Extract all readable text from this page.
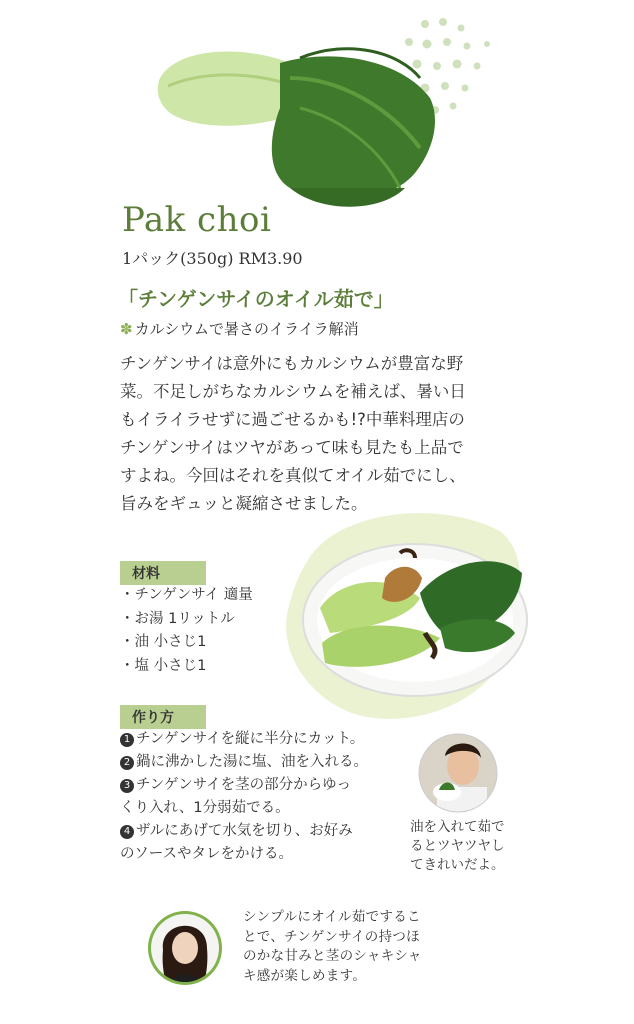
Pak choi
1パック(350g) RM3.90
「チンゲンサイのオイル茹で」
✽ カルシウムで暑さのイライラ解消
チンゲンサイは意外にもカルシウムが豊富な野
菜。不足しがちなカルシウムを補えば、暑い日
もイライラせずに過ごせるかも!?中華料理店の
チンゲンサイはツヤがあって味も見たも上品で
すよね。今回はそれを真似てオイル茹でにし、
旨みをギュッと凝縮させました。
材料
・チンゲンサイ 適量
・お湯 1リットル
・油 小さじ1
・塩 小さじ1
作り方
1 チンゲンサイを縦に半分にカット。
2 鍋に沸かした湯に塩、油を入れる。
3 チンゲンサイを茎の部分からゆっ
くり入れ、1分弱茹でる。
4 ザルにあげて水気を切り、お好み
のソースやタレをかける。
油を入れて茹で
るとツヤツヤし
てきれいだよ。
シンプルにオイル茹でするこ
とで、チンゲンサイの持つほ
のかな甘みと茎のシャキシャ
キ感が楽しめます。
